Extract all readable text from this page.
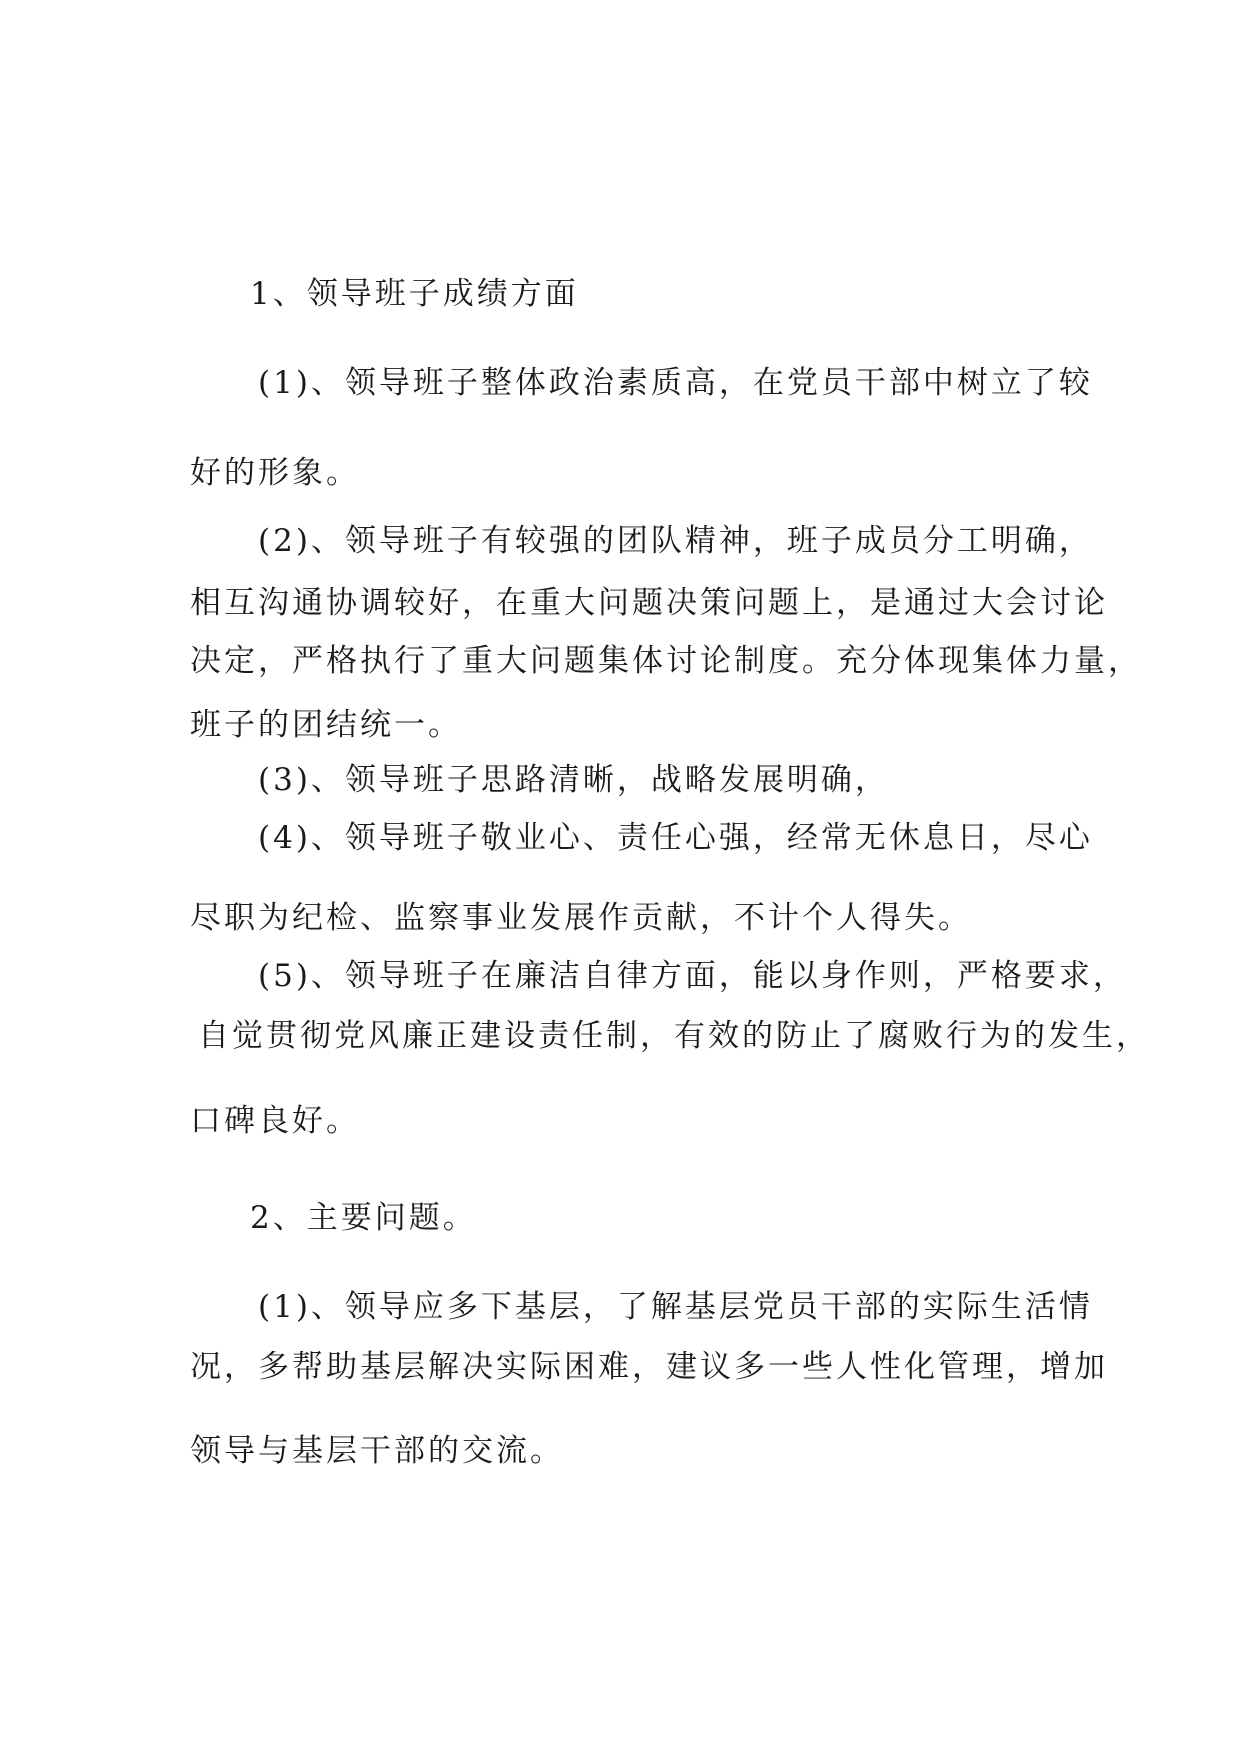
1、领导班子成绩方面
(1)、领导班子整体政治素质高，在党员干部中树立了较
好的形象。
(2)、领导班子有较强的团队精神，班子成员分工明确，
相互沟通协调较好，在重大问题决策问题上，是通过大会讨论
决定，严格执行了重大问题集体讨论制度。充分体现集体力量，
班子的团结统一。
(3)、领导班子思路清晰，战略发展明确，
(4)、领导班子敬业心、责任心强，经常无休息日，尽心
尽职为纪检、监察事业发展作贡献，不计个人得失。
(5)、领导班子在廉洁自律方面，能以身作则，严格要求，
自觉贯彻党风廉正建设责任制，有效的防止了腐败行为的发生，
口碑良好。
2、主要问题。
(1)、领导应多下基层，了解基层党员干部的实际生活情
况，多帮助基层解决实际困难，建议多一些人性化管理，增加
领导与基层干部的交流。
